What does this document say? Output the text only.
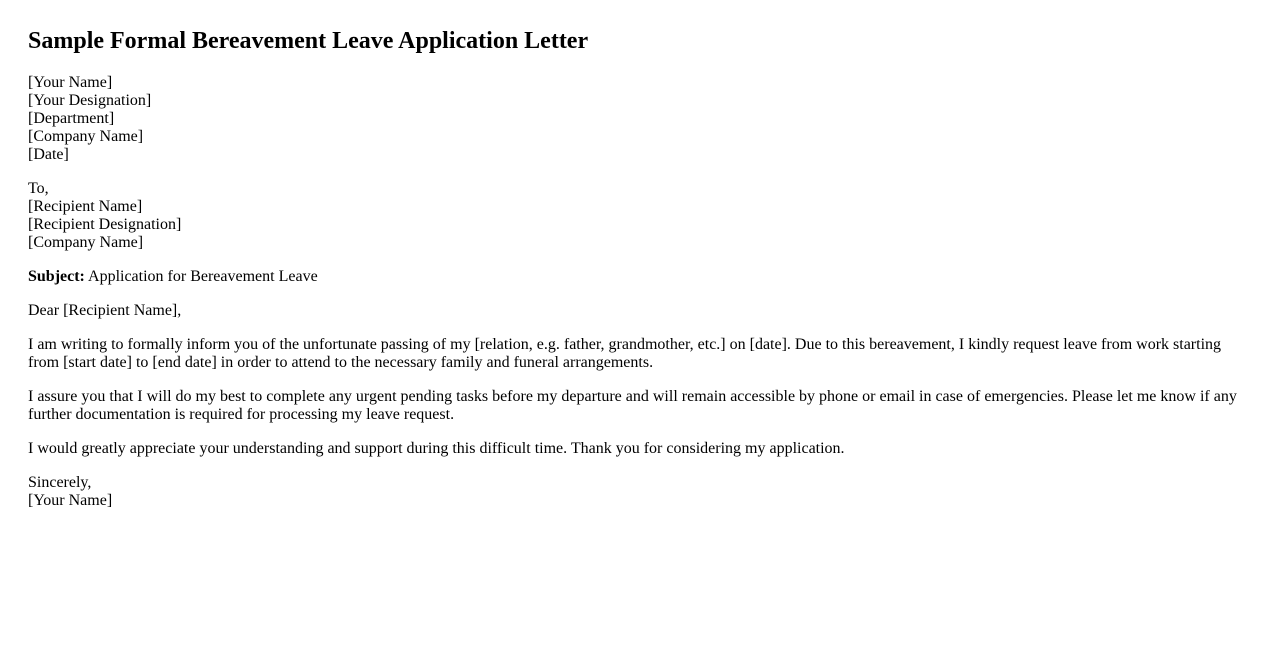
Sample Formal Bereavement Leave Application Letter
[Your Name]
[Your Designation]
[Department]
[Company Name]
[Date]
To,
[Recipient Name]
[Recipient Designation]
[Company Name]

Subject: Application for Bereavement Leave

Dear [Recipient Name],

I am writing to formally inform you of the unfortunate passing of my [relation, e.g. father, grandmother, etc.] on [date]. Due to this bereavement, I kindly request leave from work starting from [start date] to [end date] in order to attend to the necessary family and funeral arrangements.

I assure you that I will do my best to complete any urgent pending tasks before my departure and will remain accessible by phone or email in case of emergencies. Please let me know if any further documentation is required for processing my leave request.

I would greatly appreciate your understanding and support during this difficult time. Thank you for considering my application.

Sincerely,
[Your Name]
